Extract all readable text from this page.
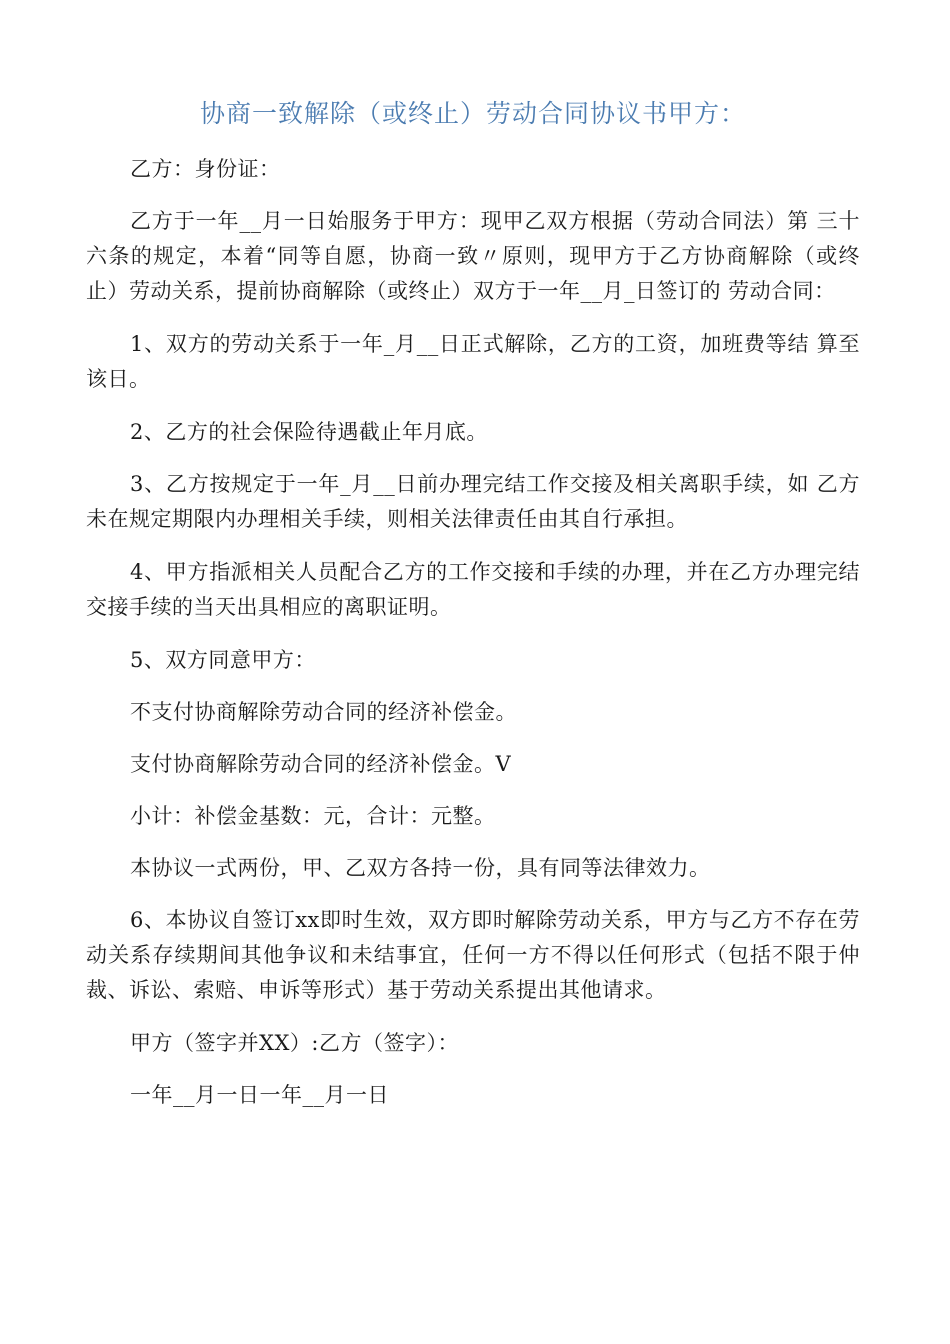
协商一致解除（或终止）劳动合同协议书甲方：

乙方：身份证：

乙方于一年__月一日始服务于甲方：现甲乙双方根据（劳动合同法）第 三十六条的规定，本着“同等自愿，协商一致〃原则，现甲方于乙方协商解除（或终止）劳动关系，提前协商解除（或终止）双方于一年__月_日签订的 劳动合同：

1、双方的劳动关系于一年_月__日正式解除，乙方的工资，加班费等结 算至该日。

2、乙方的社会保险待遇截止年月底。

3、乙方按规定于一年_月__日前办理完结工作交接及相关离职手续，如 乙方未在规定期限内办理相关手续，则相关法律责任由其自行承担。

4、甲方指派相关人员配合乙方的工作交接和手续的办理，并在乙方办理完结交接手续的当天出具相应的离职证明。

5、双方同意甲方：

不支付协商解除劳动合同的经济补偿金。

支付协商解除劳动合同的经济补偿金。V

小计：补偿金基数：元，合计：元整。

本协议一式两份，甲、乙双方各持一份，具有同等法律效力。

6、本协议自签订xx即时生效，双方即时解除劳动关系，甲方与乙方不存在劳动关系存续期间其他争议和未结事宜，任何一方不得以任何形式（包括不限于仲裁、诉讼、索赔、申诉等形式）基于劳动关系提出其他请求。

甲方（签字并XX）:乙方（签字）：

一年__月一日一年__月一日
